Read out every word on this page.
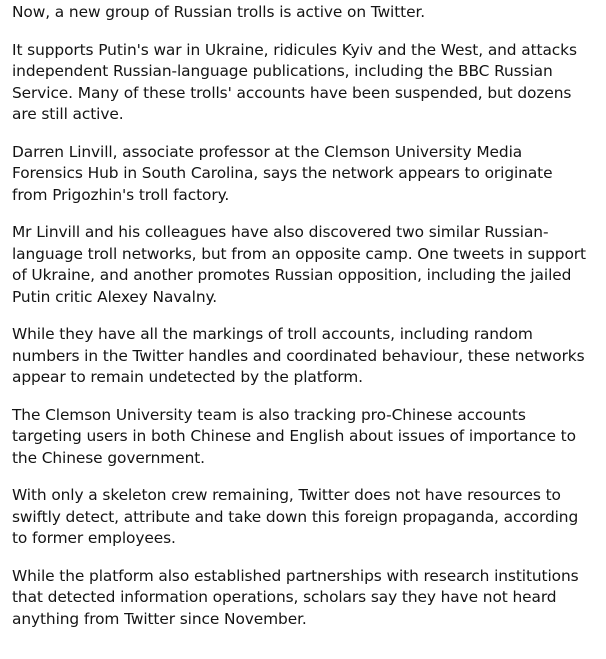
Now, a new group of Russian trolls is active on Twitter.

It supports Putin's war in Ukraine, ridicules Kyiv and the West, and attacks independent Russian-language publications, including the BBC Russian Service. Many of these trolls' accounts have been suspended, but dozens are still active.

Darren Linvill, associate professor at the Clemson University Media Forensics Hub in South Carolina, says the network appears to originate from Prigozhin's troll factory.

Mr Linvill and his colleagues have also discovered two similar Russian-language troll networks, but from an opposite camp. One tweets in support of Ukraine, and another promotes Russian opposition, including the jailed Putin critic Alexey Navalny.

While they have all the markings of troll accounts, including random numbers in the Twitter handles and coordinated behaviour, these networks appear to remain undetected by the platform.

The Clemson University team is also tracking pro-Chinese accounts targeting users in both Chinese and English about issues of importance to the Chinese government.

With only a skeleton crew remaining, Twitter does not have resources to swiftly detect, attribute and take down this foreign propaganda, according to former employees.

While the platform also established partnerships with research institutions that detected information operations, scholars say they have not heard anything from Twitter since November.
